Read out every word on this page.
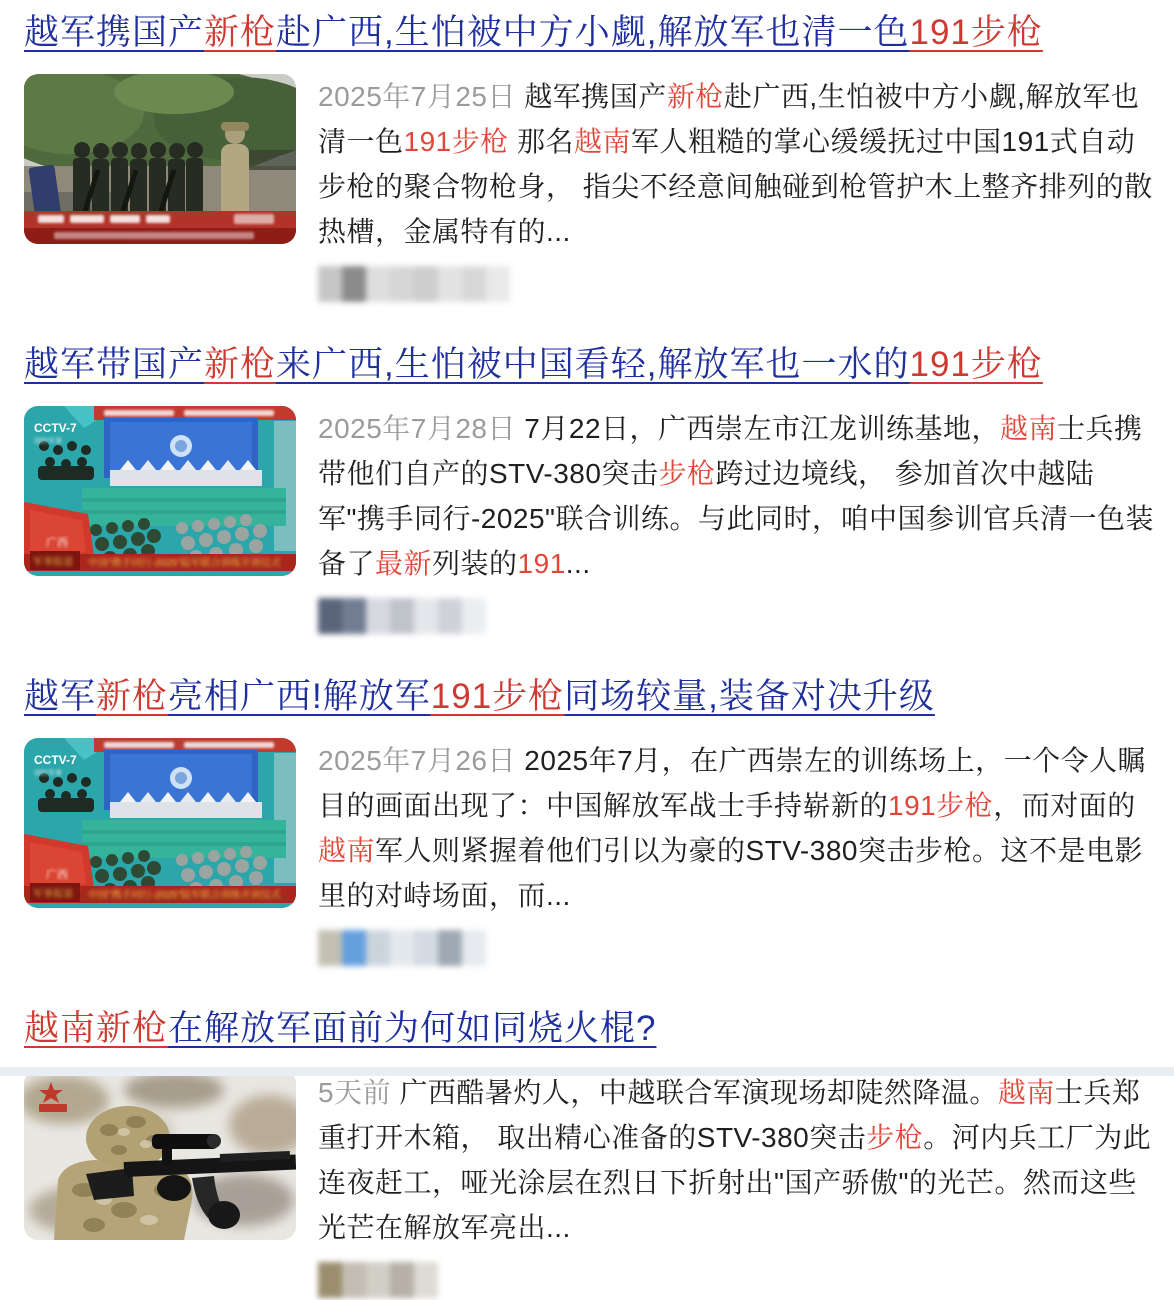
越军携国产新枪赴广西,生怕被中方小觑,解放军也清一色191步枪

2025年7月25日 越军携国产新枪赴广西,生怕被中方小觑,解放军也清一色191步枪 那名越南军人粗糙的掌心缓缓抚过中国191式自动步枪的聚合物枪身， 指尖不经意间触碰到枪管护木上整齐排列的散热槽，金属特有的...

越军带国产新枪来广西,生怕被中国看轻,解放军也一水的191步枪
广西
军事报道 中国"携手同行-2025"陆军联合训练开训仪式
CCTV-7
国防军事	2025年7月28日 7月22日，广西崇左市江龙训练基地，越南士兵携带他们自产的STV-380突击步枪跨过边境线， 参加首次中越陆军"携手同行-2025"联合训练。与此同时，咱中国参训官兵清一色装备了最新列装的191...

越军新枪亮相广西!解放军191步枪同场较量,装备对决升级
广西
军事报道 中国"携手同行-2025"陆军联合训练开训仪式
CCTV-7
国防军事	2025年7月26日 2025年7月，在广西崇左的训练场上，一个令人瞩目的画面出现了：中国解放军战士手持崭新的191步枪，而对面的越南军人则紧握着他们引以为豪的STV-380突击步枪。这不是电影里的对峙场面，而...

越南新枪在解放军面前为何如同烧火棍?

5天前 广西酷暑灼人，中越联合军演现场却陡然降温。越南士兵郑重打开木箱， 取出精心准备的STV-380突击步枪。河内兵工厂为此连夜赶工，哑光涂层在烈日下折射出"国产骄傲"的光芒。然而这些光芒在解放军亮出...
